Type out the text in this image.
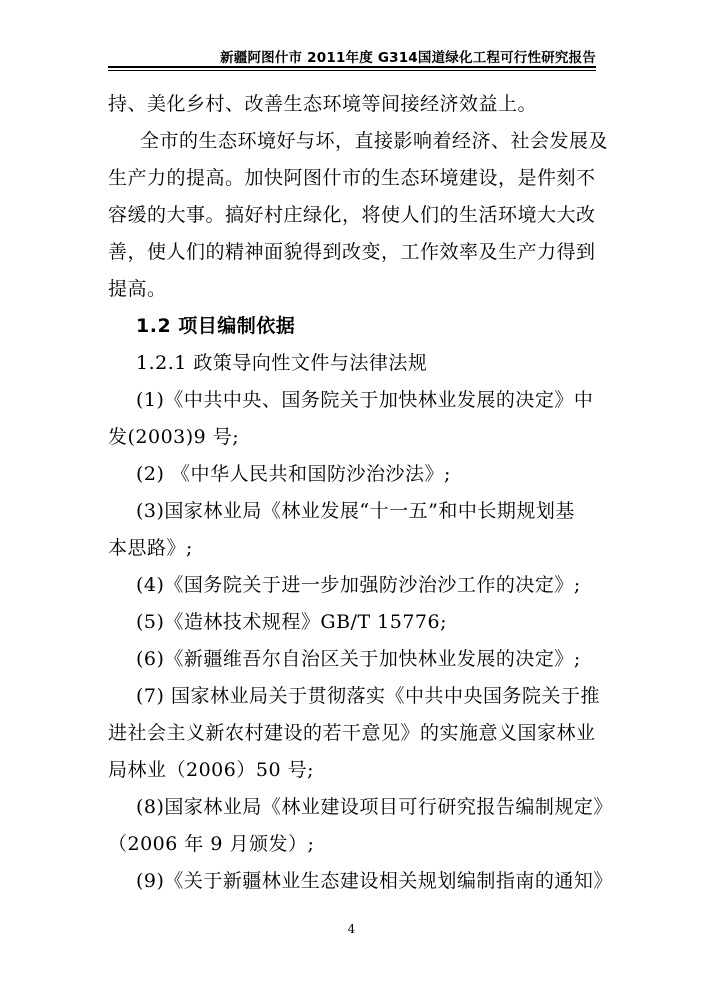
新疆阿图什市 2011年度 G314国道绿化工程可行性研究报告
持、美化乡村、改善生态环境等间接经济效益上。
全市的生态环境好与坏，直接影响着经济、社会发展及
生产力的提高。加快阿图什市的生态环境建设，是件刻不
容缓的大事。搞好村庄绿化，将使人们的生活环境大大改
善，使人们的精神面貌得到改变，工作效率及生产力得到
提高。
1.2 项目编制依据
1.2.1 政策导向性文件与法律法规
(1)《中共中央、国务院关于加快林业发展的决定》中
发(2003)9 号;
(2) 《中华人民共和国防沙治沙法》;
(3)国家林业局《林业发展“十一五”和中长期规划基
本思路》;
(4)《国务院关于进一步加强防沙治沙工作的决定》;
(5)《造林技术规程》GB/T 15776;
(6)《新疆维吾尔自治区关于加快林业发展的决定》;
(7) 国家林业局关于贯彻落实《中共中央国务院关于推
进社会主义新农村建设的若干意见》的实施意义国家林业
局林业（2006）50 号;
(8)国家林业局《林业建设项目可行研究报告编制规定》
（2006 年 9 月颁发）;
(9)《关于新疆林业生态建设相关规划编制指南的通知》
4
